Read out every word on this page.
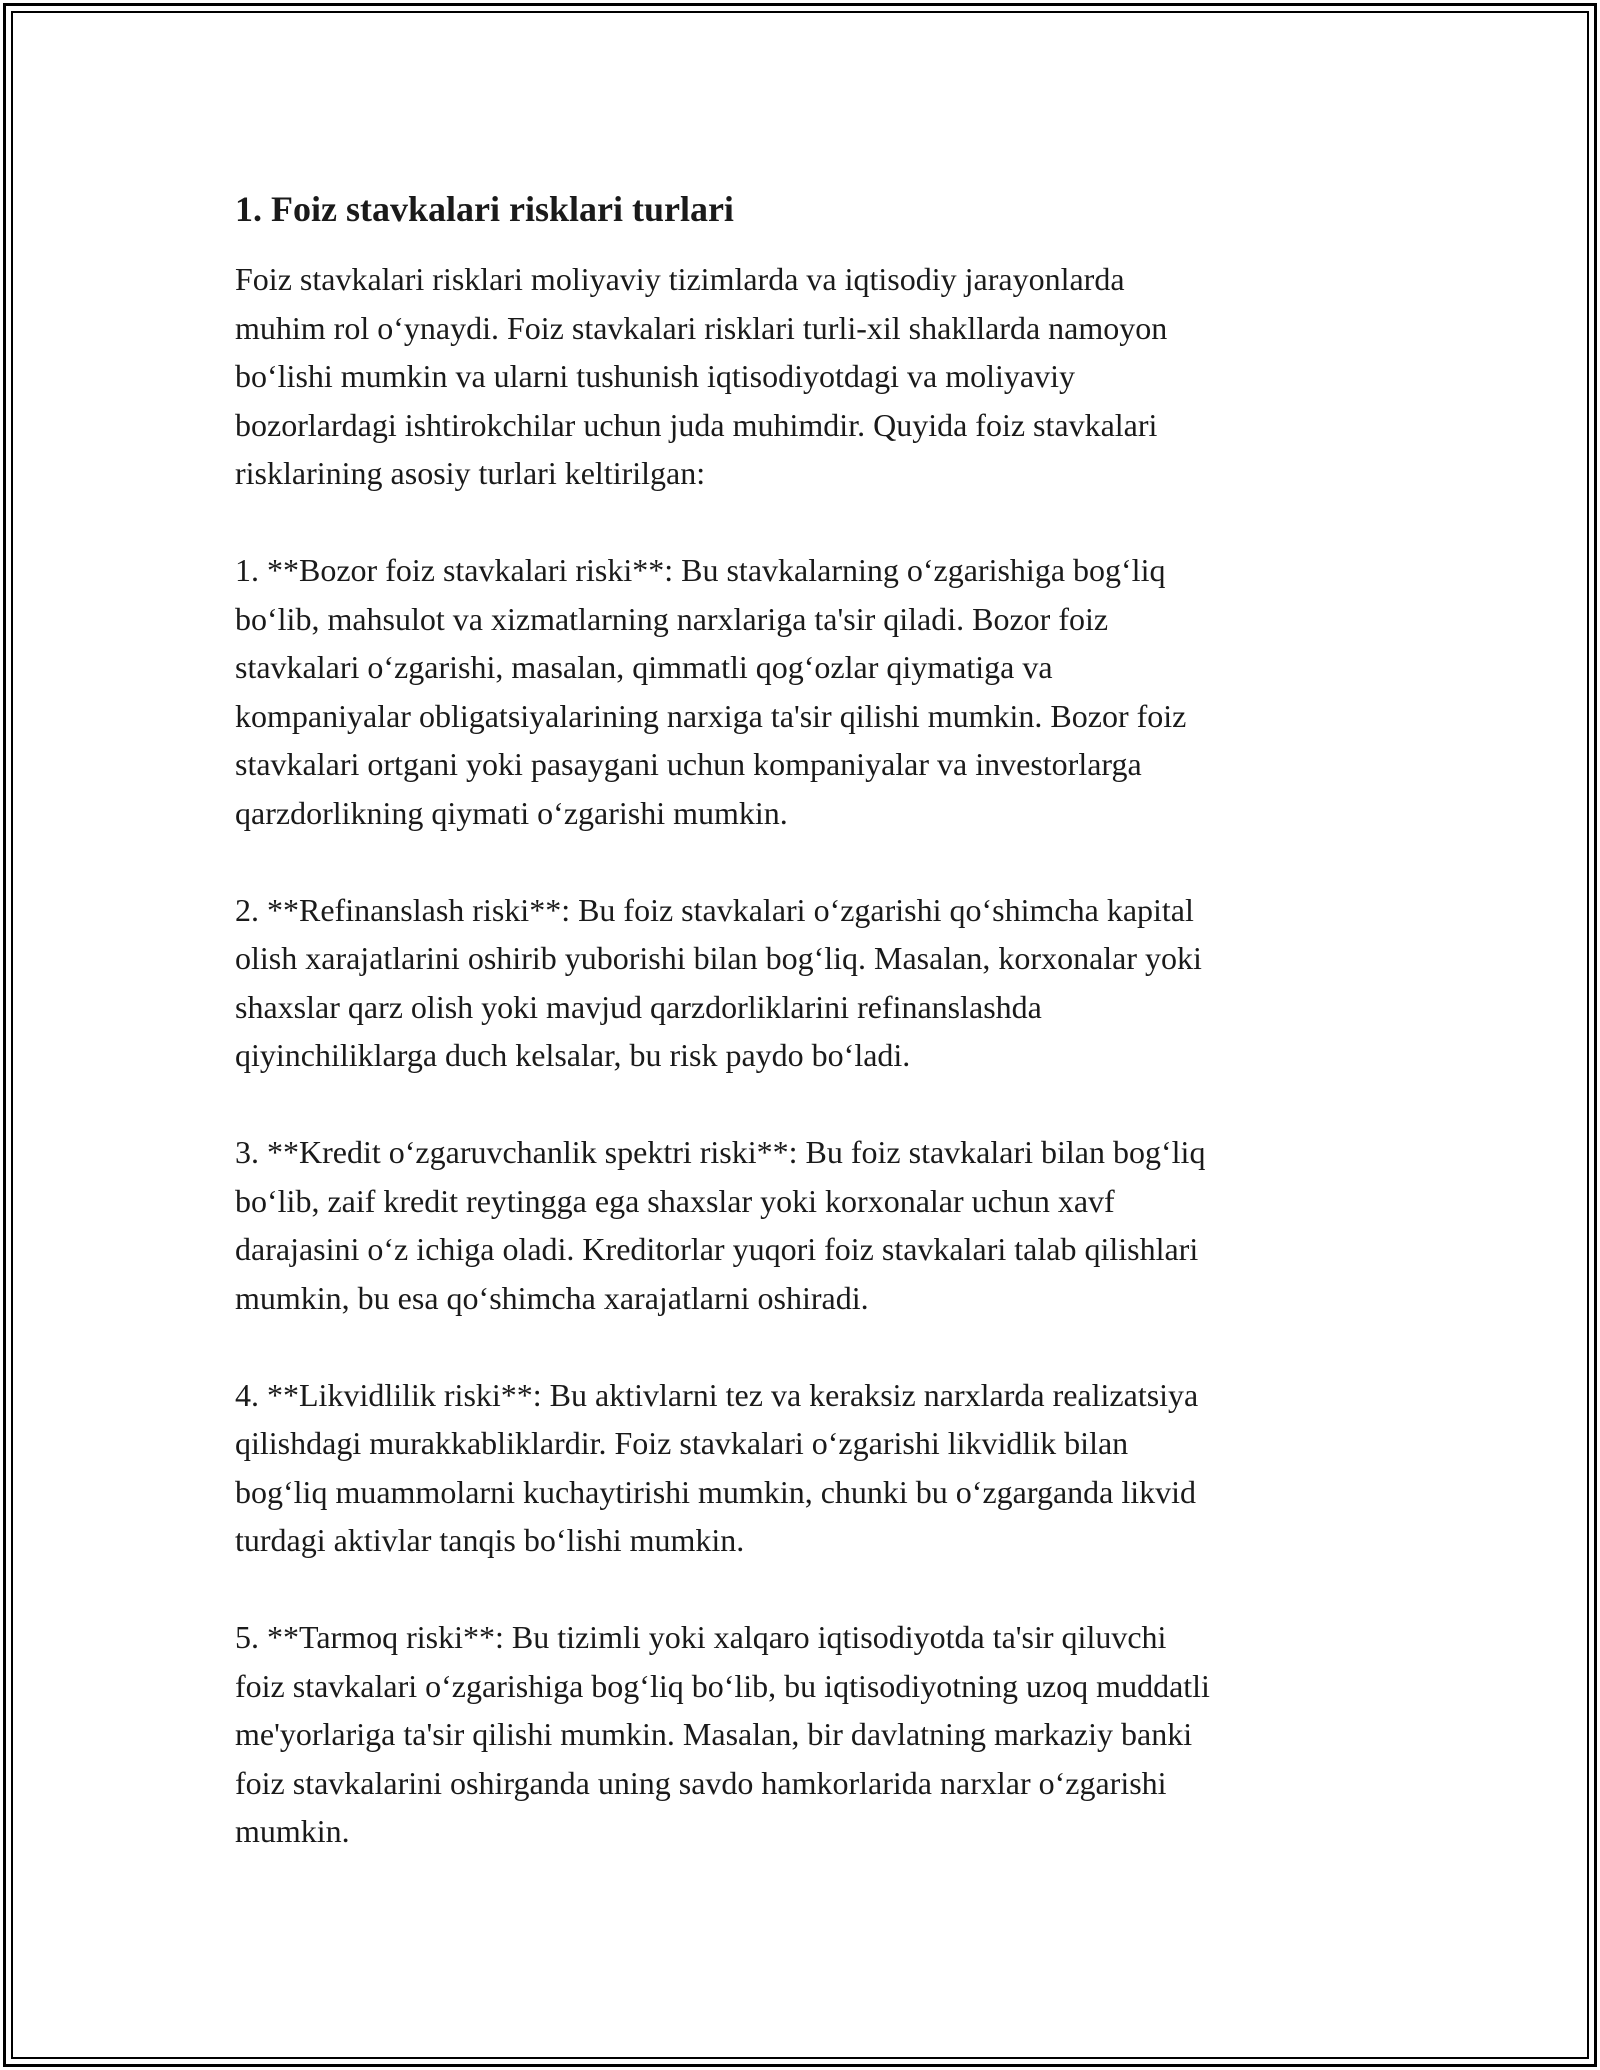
1. Foiz stavkalari risklari turlari

Foiz stavkalari risklari moliyaviy tizimlarda va iqtisodiy jarayonlarda
muhim rol oʻynaydi. Foiz stavkalari risklari turli-xil shakllarda namoyon
boʻlishi mumkin va ularni tushunish iqtisodiyotdagi va moliyaviy
bozorlardagi ishtirokchilar uchun juda muhimdir. Quyida foiz stavkalari
risklarining asosiy turlari keltirilgan:

1. **Bozor foiz stavkalari riski**: Bu stavkalarning oʻzgarishiga bogʻliq
boʻlib, mahsulot va xizmatlarning narxlariga ta'sir qiladi. Bozor foiz
stavkalari oʻzgarishi, masalan, qimmatli qogʻozlar qiymatiga va
kompaniyalar obligatsiyalarining narxiga ta'sir qilishi mumkin. Bozor foiz
stavkalari ortgani yoki pasaygani uchun kompaniyalar va investorlarga
qarzdorlikning qiymati oʻzgarishi mumkin.

2. **Refinanslash riski**: Bu foiz stavkalari oʻzgarishi qoʻshimcha kapital
olish xarajatlarini oshirib yuborishi bilan bogʻliq. Masalan, korxonalar yoki
shaxslar qarz olish yoki mavjud qarzdorliklarini refinanslashda
qiyinchiliklarga duch kelsalar, bu risk paydo boʻladi.

3. **Kredit oʻzgaruvchanlik spektri riski**: Bu foiz stavkalari bilan bogʻliq
boʻlib, zaif kredit reytingga ega shaxslar yoki korxonalar uchun xavf
darajasini oʻz ichiga oladi. Kreditorlar yuqori foiz stavkalari talab qilishlari
mumkin, bu esa qoʻshimcha xarajatlarni oshiradi.

4. **Likvidlilik riski**: Bu aktivlarni tez va keraksiz narxlarda realizatsiya
qilishdagi murakkabliklardir. Foiz stavkalari oʻzgarishi likvidlik bilan
bogʻliq muammolarni kuchaytirishi mumkin, chunki bu oʻzgarganda likvid
turdagi aktivlar tanqis boʻlishi mumkin.

5. **Tarmoq riski**: Bu tizimli yoki xalqaro iqtisodiyotda ta'sir qiluvchi
foiz stavkalari oʻzgarishiga bogʻliq boʻlib, bu iqtisodiyotning uzoq muddatli
me'yorlariga ta'sir qilishi mumkin. Masalan, bir davlatning markaziy banki
foiz stavkalarini oshirganda uning savdo hamkorlarida narxlar oʻzgarishi
mumkin.
